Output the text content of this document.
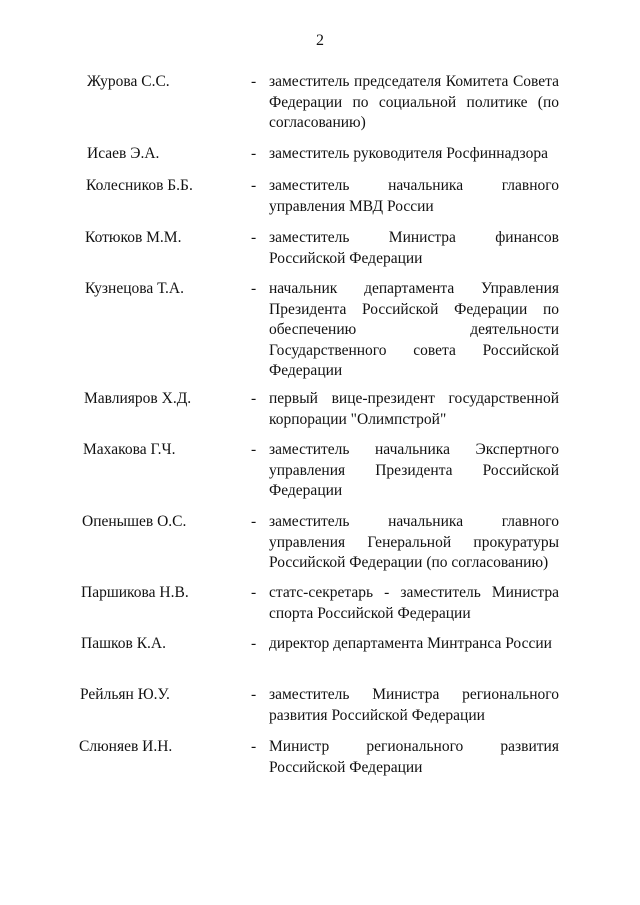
2
Журова С.С.	- заместитель председателя Комитета Совета Федерации по социальной политике (по согласованию)
Исаев Э.А.	- заместитель руководителя Росфиннадзора
Колесников Б.Б.	- заместитель начальника главного управления МВД России
Котюков М.М.	- заместитель Министра финансов Российской Федерации
Кузнецова Т.А.	- начальник департамента Управления Президента Российской Федерации по обеспечению деятельности Государственного совета Российской Федерации
Мавлияров Х.Д.	- первый вице-президент государственной корпорации "Олимпстрой"
Махакова Г.Ч.	- заместитель начальника Экспертного управления Президента Российской Федерации
Опенышев О.С.	- заместитель начальника главного управления Генеральной прокуратуры Российской Федерации (по согласованию)
Паршикова Н.В.	- статс-секретарь - заместитель Министра спорта Российской Федерации
Пашков К.А.	- директор департамента Минтранса России
Рейльян Ю.У.	- заместитель Министра регионального развития Российской Федерации
Слюняев И.Н.	- Министр регионального развития Российской Федерации
